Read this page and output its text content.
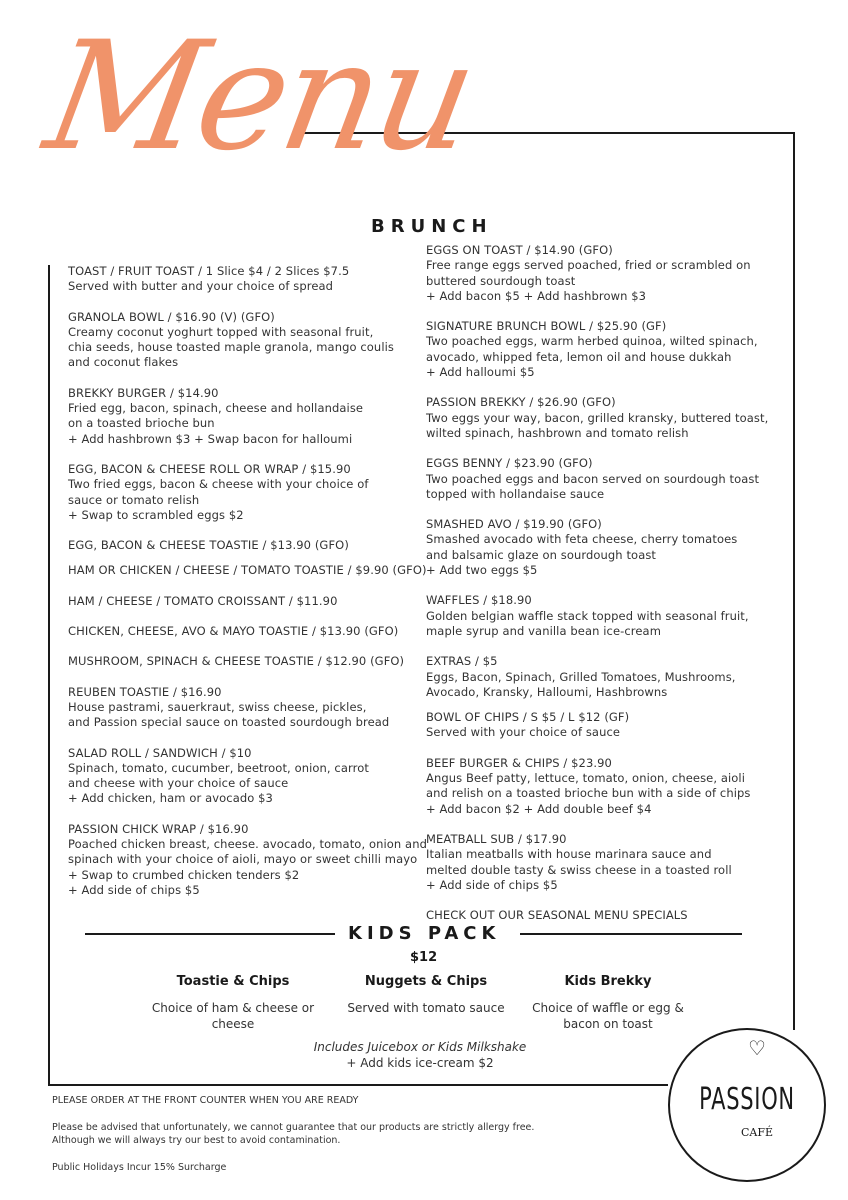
Menu
BRUNCH
TOAST / FRUIT TOAST / 1 Slice $4 / 2 Slices $7.5
Served with butter and your choice of spread
GRANOLA BOWL / $16.90 (V) (GFO)
Creamy coconut yoghurt topped with seasonal fruit,
chia seeds, house toasted maple granola, mango coulis
and coconut flakes
BREKKY BURGER / $14.90
Fried egg, bacon, spinach, cheese and hollandaise
on a toasted brioche bun
+ Add hashbrown $3 + Swap bacon for halloumi
EGG, BACON & CHEESE ROLL OR WRAP / $15.90
Two fried eggs, bacon & cheese with your choice of
sauce or tomato relish
+ Swap to scrambled eggs $2
EGG, BACON & CHEESE TOASTIE / $13.90 (GFO)
HAM OR CHICKEN / CHEESE / TOMATO TOASTIE / $9.90 (GFO)
HAM / CHEESE / TOMATO CROISSANT / $11.90
CHICKEN, CHEESE, AVO & MAYO TOASTIE / $13.90 (GFO)
MUSHROOM, SPINACH & CHEESE TOASTIE / $12.90 (GFO)
REUBEN TOASTIE / $16.90
House pastrami, sauerkraut, swiss cheese, pickles,
and Passion special sauce on toasted sourdough bread
SALAD ROLL / SANDWICH / $10
Spinach, tomato, cucumber, beetroot, onion, carrot
and cheese with your choice of sauce
+ Add chicken, ham or avocado $3
PASSION CHICK WRAP / $16.90
Poached chicken breast, cheese. avocado, tomato, onion and
spinach with your choice of aioli, mayo or sweet chilli mayo
+ Swap to crumbed chicken tenders $2
+ Add side of chips $5
EGGS ON TOAST / $14.90 (GFO)
Free range eggs served poached, fried or scrambled on
buttered sourdough toast
+ Add bacon $5 + Add hashbrown $3
SIGNATURE BRUNCH BOWL / $25.90 (GF)
Two poached eggs, warm herbed quinoa, wilted spinach,
avocado, whipped feta, lemon oil and house dukkah
+ Add halloumi $5
PASSION BREKKY / $26.90 (GFO)
Two eggs your way, bacon, grilled kransky, buttered toast,
wilted spinach, hashbrown and tomato relish
EGGS BENNY / $23.90 (GFO)
Two poached eggs and bacon served on sourdough toast
topped with hollandaise sauce
SMASHED AVO / $19.90 (GFO)
Smashed avocado with feta cheese, cherry tomatoes
and balsamic glaze on sourdough toast
+ Add two eggs $5
WAFFLES / $18.90
Golden belgian waffle stack topped with seasonal fruit,
maple syrup and vanilla bean ice-cream
EXTRAS / $5
Eggs, Bacon, Spinach, Grilled Tomatoes, Mushrooms,
Avocado, Kransky, Halloumi, Hashbrowns
BOWL OF CHIPS / S $5 / L $12 (GF)
Served with your choice of sauce
BEEF BURGER & CHIPS / $23.90
Angus Beef patty, lettuce, tomato, onion, cheese, aioli
and relish on a toasted brioche bun with a side of chips
+ Add bacon $2 + Add double beef $4
MEATBALL SUB / $17.90
Italian meatballs with house marinara sauce and
melted double tasty & swiss cheese in a toasted roll
+ Add side of chips $5
CHECK OUT OUR SEASONAL MENU SPECIALS
KIDS PACK
$12
Toastie & Chips
Choice of ham & cheese or
cheese
Nuggets & Chips
Served with tomato sauce
Kids Brekky
Choice of waffle or egg &
bacon on toast
Includes Juicebox or Kids Milkshake
+ Add kids ice-cream $2
PLEASE ORDER AT THE FRONT COUNTER WHEN YOU ARE READY
Please be advised that unfortunately, we cannot guarantee that our products are strictly allergy free.
Although we will always try our best to avoid contamination.
Public Holidays Incur 15% Surcharge
♡
PASSION
CAFÉ
